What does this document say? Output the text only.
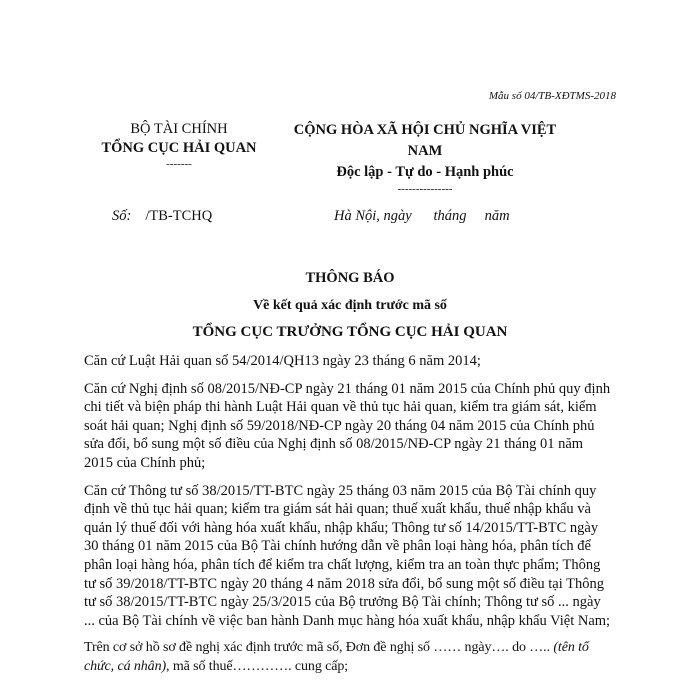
Mẫu số 04/TB-XĐTMS-2018
BỘ TÀI CHÍNH
TỔNG CỤC HẢI QUAN
-------
CỘNG HÒA XÃ HỘI CHỦ NGHĨA VIỆT
NAM
Độc lập - Tự do - Hạnh phúc
---------------
Số: /TB-TCHQ	Hà Nội, ngày      tháng     năm
THÔNG BÁO
Về kết quả xác định trước mã số
TỔNG CỤC TRƯỞNG TỔNG CỤC HẢI QUAN

Căn cứ Luật Hải quan số 54/2014/QH13 ngày 23 tháng 6 năm 2014;

Căn cứ Nghị định số 08/2015/NĐ-CP ngày 21 tháng 01 năm 2015 của Chính phủ quy định chi tiết và biện pháp thi hành Luật Hải quan về thủ tục hải quan, kiểm tra giám sát, kiểm soát hải quan; Nghị định số 59/2018/NĐ-CP ngày 20 tháng 04 năm 2015 của Chính phủ sửa đổi, bổ sung một số điều của Nghị định số 08/2015/NĐ-CP ngày 21 tháng 01 năm 2015 của Chính phủ;

Căn cứ Thông tư số 38/2015/TT-BTC ngày 25 tháng 03 năm 2015 của Bộ Tài chính quy định về thủ tục hải quan; kiểm tra giám sát hải quan; thuế xuất khẩu, thuế nhập khẩu và quản lý thuế đối với hàng hóa xuất khẩu, nhập khẩu; Thông tư số 14/2015/TT-BTC ngày 30 tháng 01 năm 2015 của Bộ Tài chính hướng dẫn về phân loại hàng hóa, phân tích để phân loại hàng hóa, phân tích để kiểm tra chất lượng, kiểm tra an toàn thực phẩm; Thông tư số 39/2018/TT-BTC ngày 20 tháng 4 năm 2018 sửa đổi, bổ sung một số điều tại Thông tư số 38/2015/TT-BTC ngày 25/3/2015 của Bộ trưởng Bộ Tài chính; Thông tư số ... ngày ... của Bộ Tài chính về việc ban hành Danh mục hàng hóa xuất khẩu, nhập khẩu Việt Nam;

Trên cơ sở hồ sơ đề nghị xác định trước mã số, Đơn đề nghị số …… ngày…. do ….. (tên tổ chức, cá nhân), mã số thuế…………. cung cấp;
